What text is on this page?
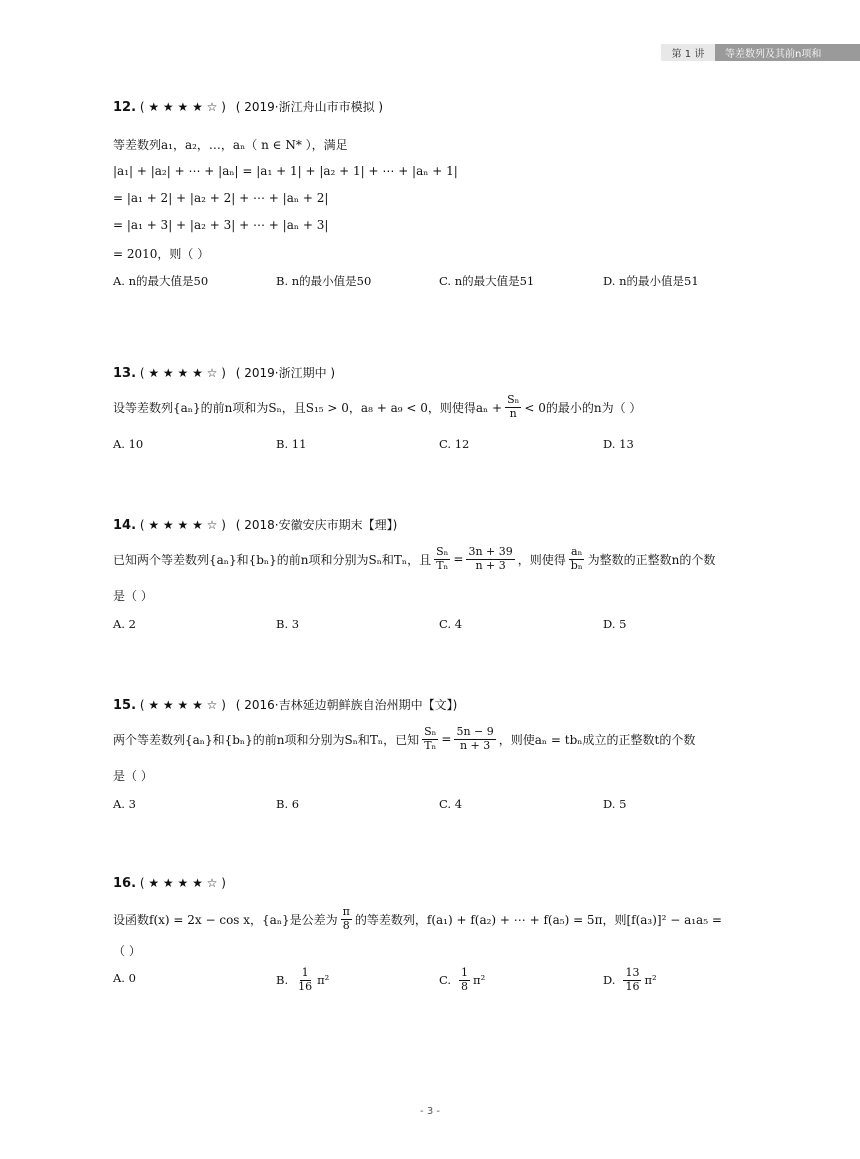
第 1 讲	等差数列及其前n项和
12. ( ★ ★ ★ ★ ☆ ) ( 2019·浙江舟山市市模拟 )
等差数列a₁，a₂，…，aₙ（ n ∈ N* ），满足
|a₁| + |a₂| + ⋯ + |aₙ| = |a₁ + 1| + |a₂ + 1| + ⋯ + |aₙ + 1|
= |a₁ + 2| + |a₂ + 2| + ⋯ + |aₙ + 2|
= |a₁ + 3| + |a₂ + 3| + ⋯ + |aₙ + 3|
= 2010，则（ ）
A. n的最大值是50	B. n的最小值是50	C. n的最大值是51	D. n的最小值是51
13. ( ★ ★ ★ ★ ☆ ) ( 2019·浙江期中 )
设等差数列{aₙ}的前n项和为Sₙ，且S₁₅ > 0，a₈ + a₉ < 0，则使得$a_n + \frac{\text{Sₙ}}{n} < 0$的最小的n为（ ）
A. 10	B. 11	C. 12	D. 13
14. ( ★ ★ ★ ★ ☆ ) ( 2018·安徽安庆市期末【理】)
已知两个等差数列{aₙ}和{bₙ}的前n项和分别为Sₙ和Tₙ，且 $\frac{\text{Sₙ}}{\text{Tₙ}} = \frac{3n + 39}{n + 3}$ ，则使得 $\frac{\text{aₙ}}{\text{bₙ}}$ 为整数的正整数n的个数
是（ ）
A. 2	B. 3	C. 4	D. 5
15. ( ★ ★ ★ ★ ☆ ) ( 2016·吉林延边朝鲜族自治州期中【文】)
两个等差数列{aₙ}和{bₙ}的前n项和分别为Sₙ和Tₙ，已知 $\frac{\text{Sₙ}}{\text{Tₙ}} = \frac{5n - 9}{n + 3}$ ，则使aₙ = tbₙ成立的正整数t的个数
是（ ）
A. 3	B. 6	C. 4	D. 5
16. ( ★ ★ ★ ★ ☆ )
设函数f(x) = 2x − cos x，{aₙ}是公差为 $\frac{\pi}{8}$ 的等差数列，f(a₁) + f(a₂) + ⋯ + f(a₅) = 5π，则[f(a₃)]² − a₁a₅ =
（ ）
A. 0	B. $\frac{1}{16} \pi^2$	C. $\frac{1}{8} \pi^2$	D. $\frac{13}{16} \pi^2$
- 3 -
